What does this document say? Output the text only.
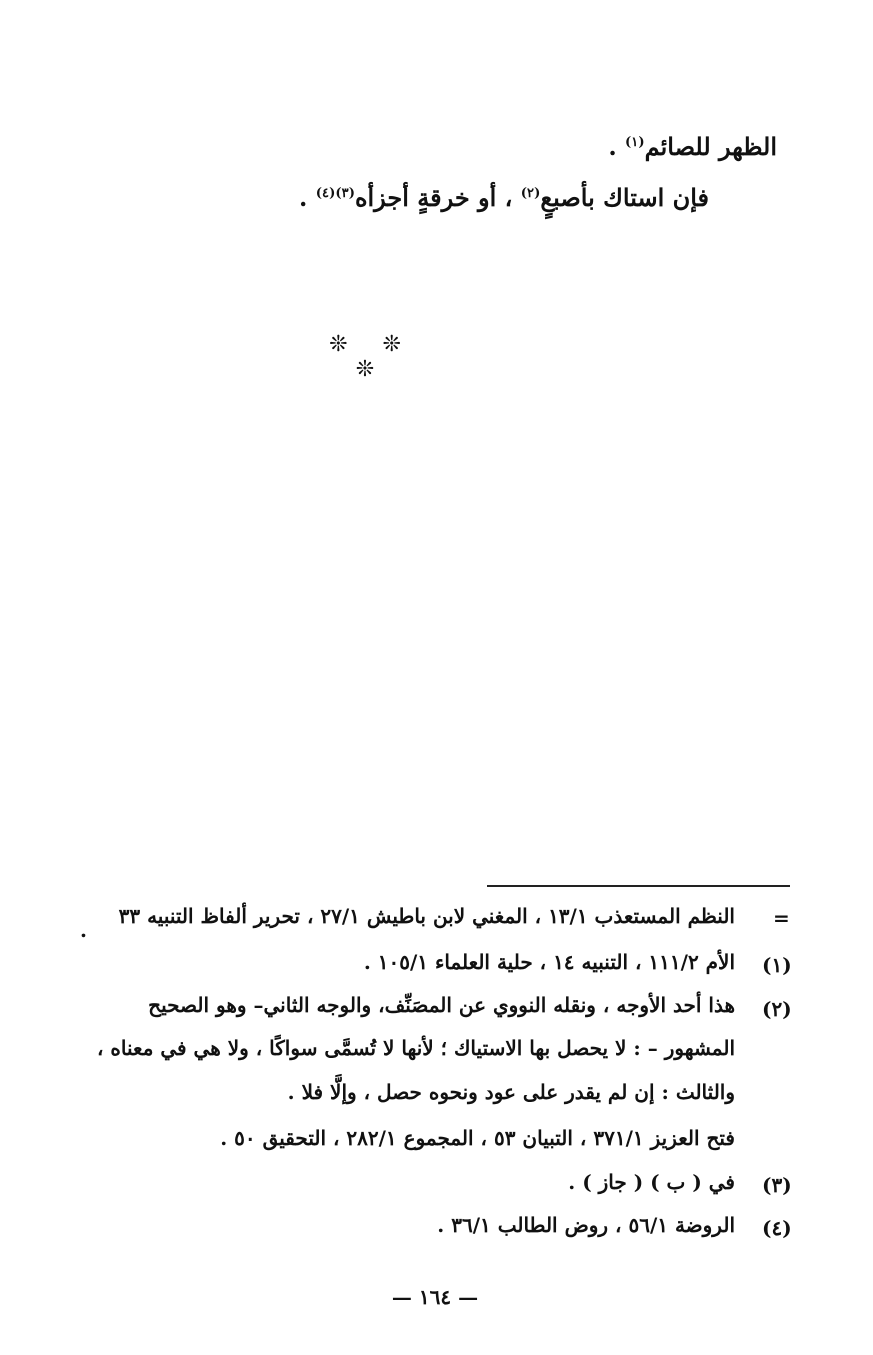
الظهر للصائم$^{(١)}$ .
فإن استاك بأصبعٍ$^{(٢)}$ ، أو خرقةٍ أجزأه$^{(٣)(٤)}$ .
❊ ❊ ❊
=
النظم المستعذب ١٣/١ ، المغني لابن باطيش ٢٧/١ ، تحرير ألفاظ التنبيه ٣٣
.
(١)
الأم ١١١/٢ ، التنبيه ١٤ ، حلية العلماء ١٠٥/١ .
(٢)
هذا أحد الأوجه ، ونقله النووي عن المصَنِّف، والوجه الثاني– وهو الصحيح
المشهور – : لا يحصل بها الاستياك ؛ لأنها لا تُسمَّى سواكًا ، ولا هي في معناه ،
والثالث : إن لم يقدر على عود ونحوه حصل ، وإلَّا فلا .
فتح العزيز ٣٧١/١ ، التبيان ٥٣ ، المجموع ٢٨٢/١ ، التحقيق ٥٠ .
(٣)
في ( ب ) ( جاز ) .
(٤)
الروضة ٥٦/١ ، روض الطالب ٣٦/١ .
— ١٦٤ —
